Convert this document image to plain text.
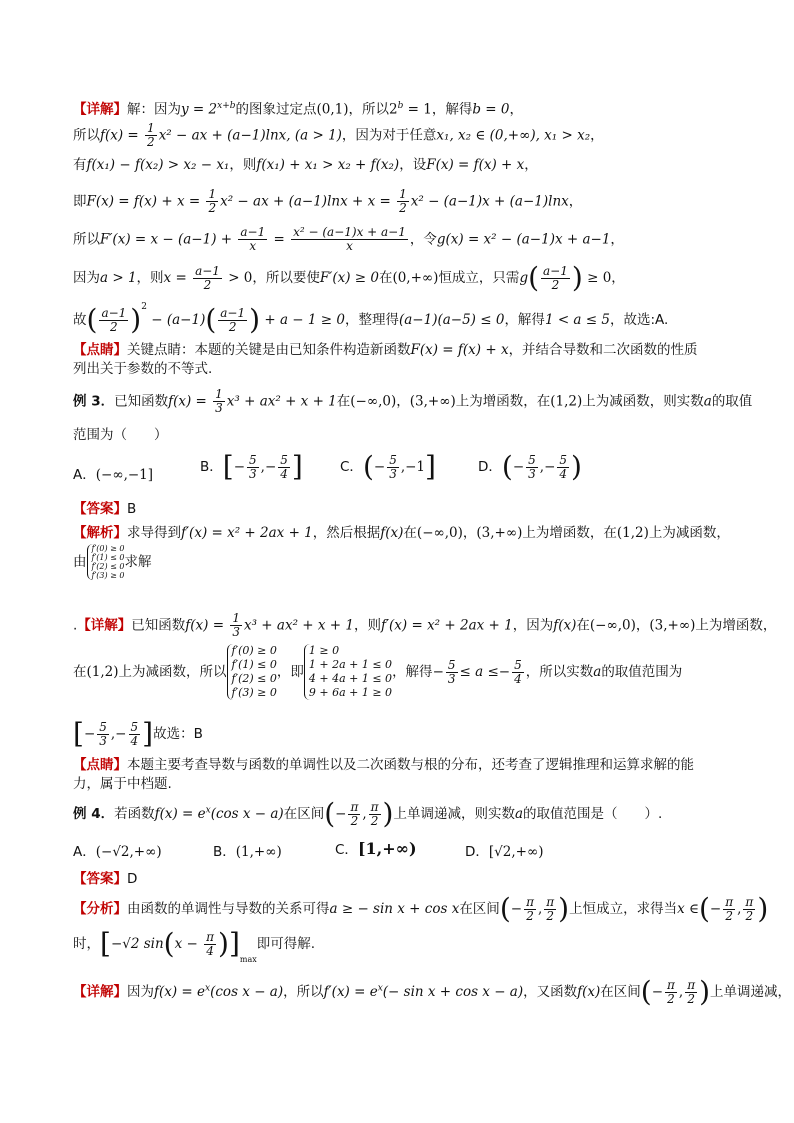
【详解】解：因为$y = 2^{x+b}$的图象过定点(0,1)，所以$2^b = 1$，解得b = 0，
所以$f(x) = \frac{1}{2} x^2$ − ax + (a−1)lnx, (a > 1)，因为对于任意x₁, x₂ ∈ (0,+∞), x₁ > x₂，
有f(x₁) − f(x₂) > x₂ − x₁，则f(x₁) + x₁ > x₂ + f(x₂)，设F(x) = f(x) + x，
即$F(x) = f(x) + x = \frac{1}{2} x^2$ − ax + $(a-1)\ln x + x = \frac{1}{2} x^2 - (a-1)x + (a-1)\ln x$，
所以$F'(x) = x - (a-1) + \frac{a-1}{x} = \frac{\text{x² − (a−1)x + a−1}}{x}$ ，令g(x) = x² − (a−1)x + a−1，
因为a > 1，则$x = \frac{a-1}{2} > 0$，所以要使F′(x) ≥ 0在(0,+∞)恒成立，只需$g( \frac{a-1}{2}$ ) ≥ 0，
故( $\frac{a-1}{2} )^2 - (a-1)( \frac{a-1}{2}$ ) + a − 1 ≥ 0，整理得(a−1)(a−5) ≤ 0，解得1 < a ≤ 5，故选:A.
【点睛】关键点睛：本题的关键是由已知条件构造新函数F(x) = f(x) + x，并结合导数和二次函数的性质
列出关于参数的不等式.
例 3．已知函数$f(x) = \frac{1}{3} x^3 + ax^2 + x + 1$在(−∞,0)，(3,+∞)上为增函数，在(1,2)上为减函数，则实数a的取值
范围为（　　）
A．(−∞,−1]	B．[− $\frac{5}{3}$ ,− $\frac{5}{4}$ ]	C．(− $\frac{5}{3} ,-1$]	D．(− $\frac{5}{3}$ ,− $\frac{5}{4}$ )
【答案】B
【解析】求导得到f′(x) = x² + 2ax + 1，然后根据f(x)在(−∞,0)，(3,+∞)上为增函数，在(1,2)上为减函数，
由
f′(0) ≥ 0
f′(1) ≤ 0
f′(2) ≤ 0
f′(3) ≥ 0
求解
.【详解】已知函数$f(x) = \frac{1}{3} x^3 + ax^2 + x + 1$，则f′(x) = x² + 2ax + 1，因为f(x)在(−∞,0)，(3,+∞)上为增函数，
在(1,2)上为减函数，所以
f′(0) ≥ 0
f′(1) ≤ 0
f′(2) ≤ 0
f′(3) ≥ 0
，即
1 ≥ 0
1 + 2a + 1 ≤ 0
4 + 4a + 1 ≤ 0
9 + 6a + 1 ≥ 0
，解得− $\frac{5}{3} \le a \le- \frac{5}{4}$ ，所以实数a的取值范围为
[− $\frac{5}{3}$ ,− $\frac{5}{4}$ ]故选：B
【点睛】本题主要考查导数与函数的单调性以及二次函数与根的分布，还考查了逻辑推理和运算求解的能
力，属于中档题.
例 4．若函数$f(x) = e^x(\cos$ x − a)在区间(− $\frac{\pi}{2}$ , $\frac{\pi}{2}$ )上单调递减，则实数a的取值范围是（　　）.
A．(−√2,+∞)	B．(1,+∞)	C．[1,+∞)	D．[√2,+∞)
【答案】D
【分析】由函数的单调性与导数的关系可得a ≥ − sin x + cos x在区间(− $\frac{\pi}{2}$ , $\frac{\pi}{2}$ )上恒成立，求得当x ∈(− $\frac{\pi}{2}$ , $\frac{\pi}{2}$ )
时，[−√2 $\sin(x - \frac{\pi}{4} )]_{max}$即可得解.
【详解】因为$f(x) = e^x(\cos$ x − a)，所以$f'(x) = e^x(- \sin x + \cos x - a)$，又函数f(x)在区间(− $\frac{\pi}{2}$ , $\frac{\pi}{2}$ )上单调递减，
